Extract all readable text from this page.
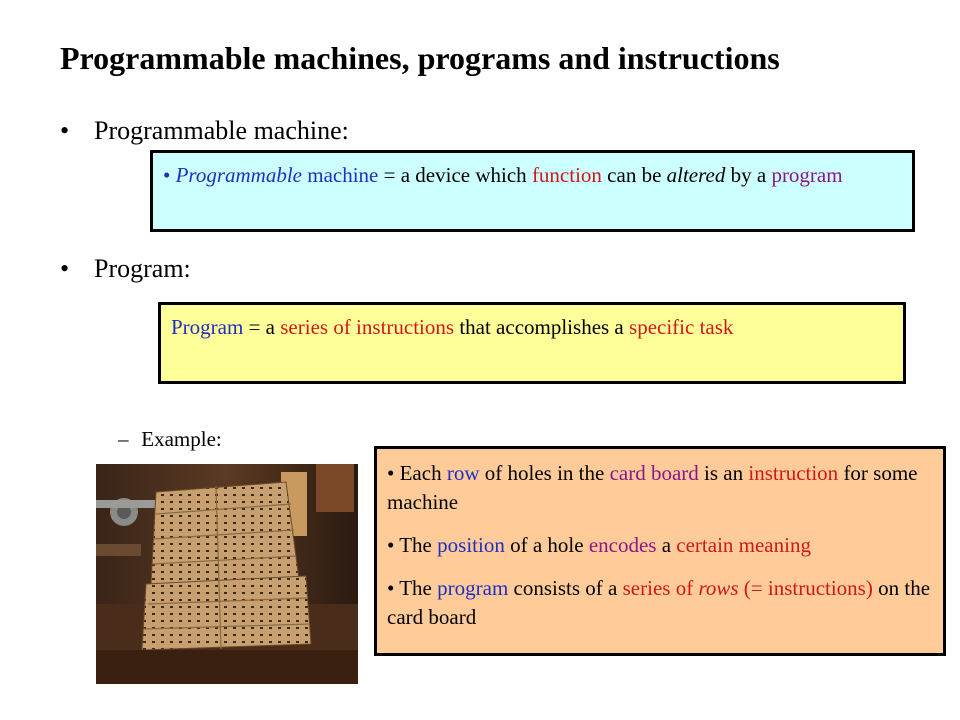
Programmable machines, programs and instructions
• Programmable machine:

• Programmable machine = a device which function can be altered by a program

• Program:

Program = a series of instructions that accomplishes a specific task

– Example:

• Each row of holes in the card board is an instruction for some machine

• The position of a hole encodes a certain meaning

• The program consists of a series of rows (= instructions) on the card board
